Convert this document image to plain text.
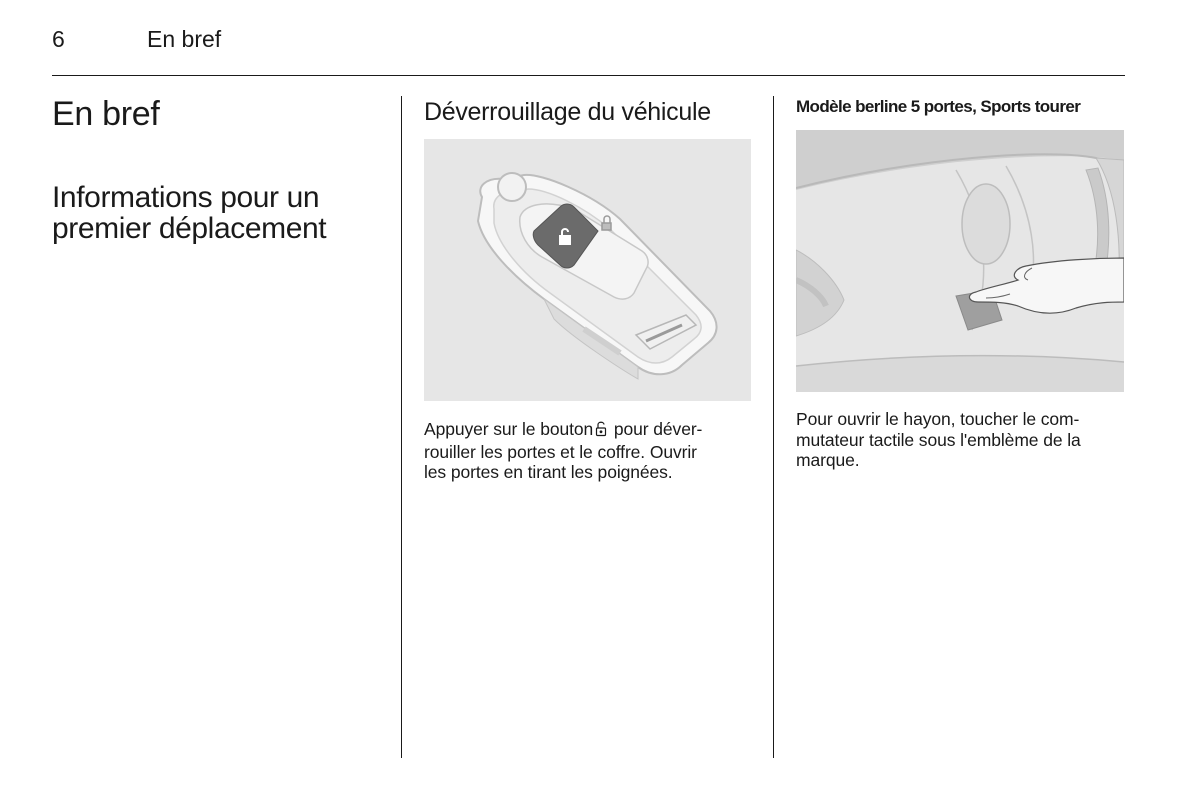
6	En bref
En bref
Informations pour un
premier déplacement
Déverrouillage du véhicule
Appuyer sur le bouton pour déver-
rouiller les portes et le coffre. Ouvrir
les portes en tirant les poignées.
Modèle berline 5 portes, Sports tourer
Pour ouvrir le hayon, toucher le com-
mutateur tactile sous l'emblème de la
marque.
